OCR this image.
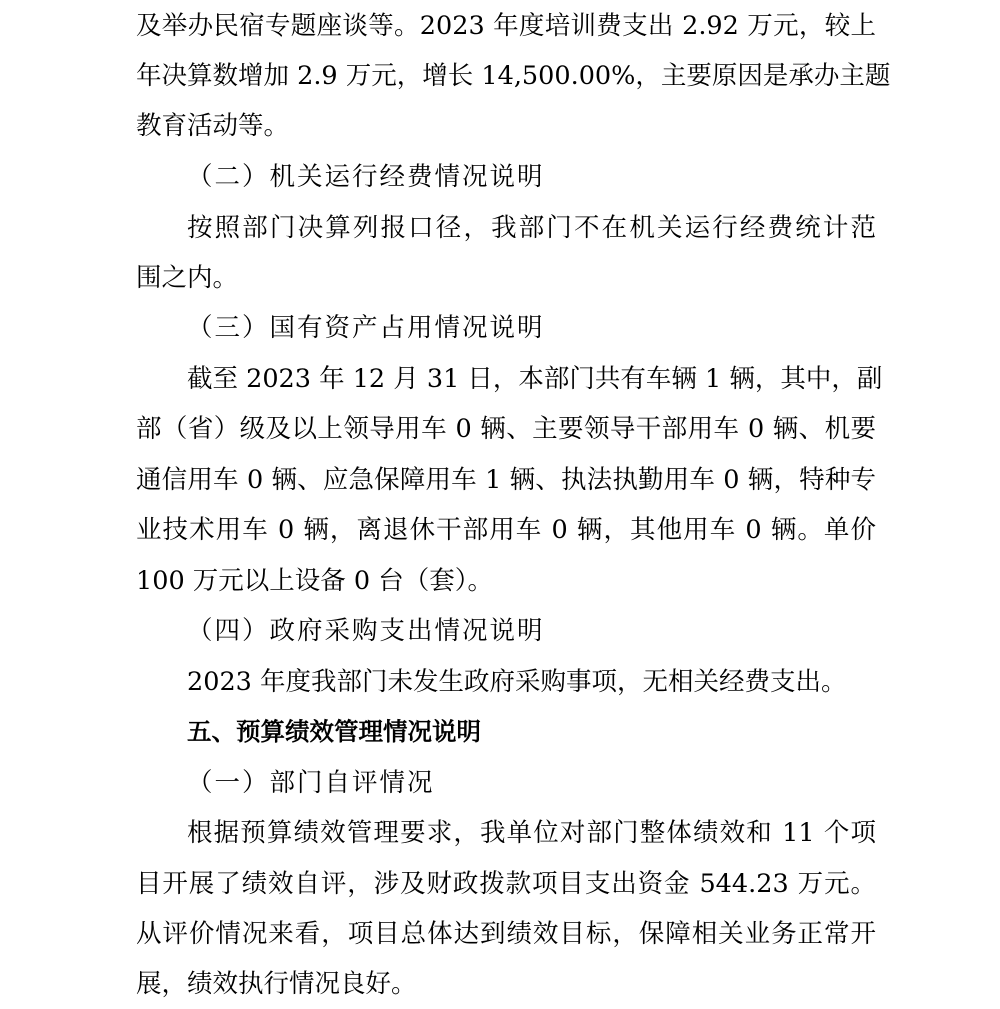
及举办民宿专题座谈等。2023 年度培训费支出 2.92 万元，较上
年决算数增加 2.9 万元，增长 14,500.00%，主要原因是承办主题
教育活动等。
（二）机关运行经费情况说明
按照部门决算列报口径，我部门不在机关运行经费统计范
围之内。
（三）国有资产占用情况说明
截至 2023 年 12 月 31 日，本部门共有车辆 1 辆，其中，副
部（省）级及以上领导用车 0 辆、主要领导干部用车 0 辆、机要
通信用车 0 辆、应急保障用车 1 辆、执法执勤用车 0 辆，特种专
业技术用车 0 辆，离退休干部用车 0 辆，其他用车 0 辆。单价
100 万元以上设备 0 台（套）。
（四）政府采购支出情况说明
2023 年度我部门未发生政府采购事项，无相关经费支出。
五、预算绩效管理情况说明
（一）部门自评情况
根据预算绩效管理要求，我单位对部门整体绩效和 11 个项
目开展了绩效自评，涉及财政拨款项目支出资金 544.23 万元。
从评价情况来看，项目总体达到绩效目标，保障相关业务正常开
展，绩效执行情况良好。
